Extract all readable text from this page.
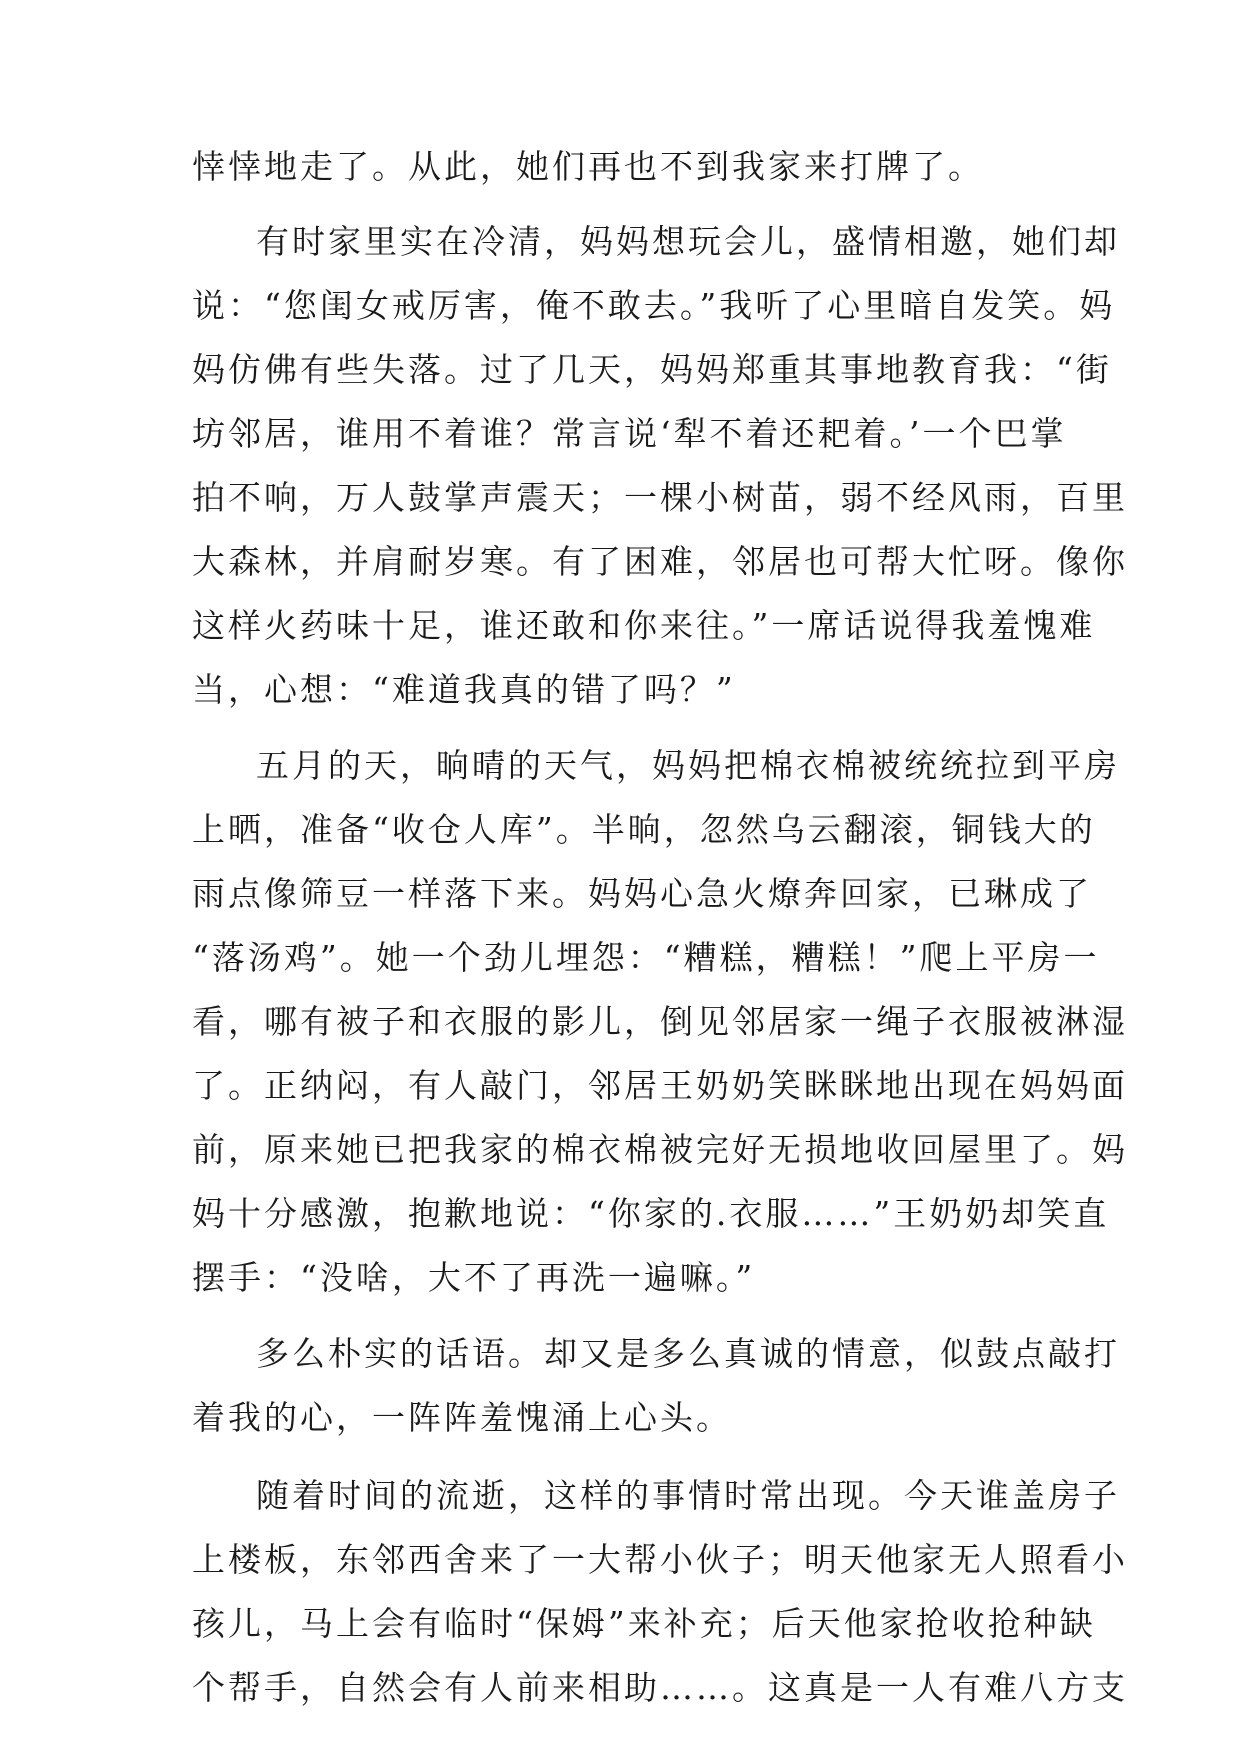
悻悻地走了。从此，她们再也不到我家来打牌了。
有时家里实在冷清，妈妈想玩会儿，盛情相邀，她们却
说：“您闺女戒厉害，俺不敢去。”我听了心里暗自发笑。妈
妈仿佛有些失落。过了几天，妈妈郑重其事地教育我：“街
坊邻居，谁用不着谁？常言说‘犁不着还耙着。’一个巴掌
拍不响，万人鼓掌声震天；一棵小树苗，弱不经风雨，百里
大森林，并肩耐岁寒。有了困难，邻居也可帮大忙呀。像你
这样火药味十足，谁还敢和你来往。”一席话说得我羞愧难
当，心想：“难道我真的错了吗？”
五月的天，晌晴的天气，妈妈把棉衣棉被统统拉到平房
上晒，准备“收仓人库”。半晌，忽然乌云翻滚，铜钱大的
雨点像筛豆一样落下来。妈妈心急火燎奔回家，已琳成了
“落汤鸡”。她一个劲儿埋怨：“糟糕，糟糕！”爬上平房一
看，哪有被子和衣服的影儿，倒见邻居家一绳子衣服被淋湿
了。正纳闷，有人敲门，邻居王奶奶笑眯眯地出现在妈妈面
前，原来她已把我家的棉衣棉被完好无损地收回屋里了。妈
妈十分感激，抱歉地说：“你家的.衣服……”王奶奶却笑直
摆手：“没啥，大不了再洗一遍嘛。”
多么朴实的话语。却又是多么真诚的情意，似鼓点敲打
着我的心，一阵阵羞愧涌上心头。
随着时间的流逝，这样的事情时常出现。今天谁盖房子
上楼板，东邻西舍来了一大帮小伙子；明天他家无人照看小
孩儿，马上会有临时“保姆”来补充；后天他家抢收抢种缺
个帮手，自然会有人前来相助……。这真是一人有难八方支
